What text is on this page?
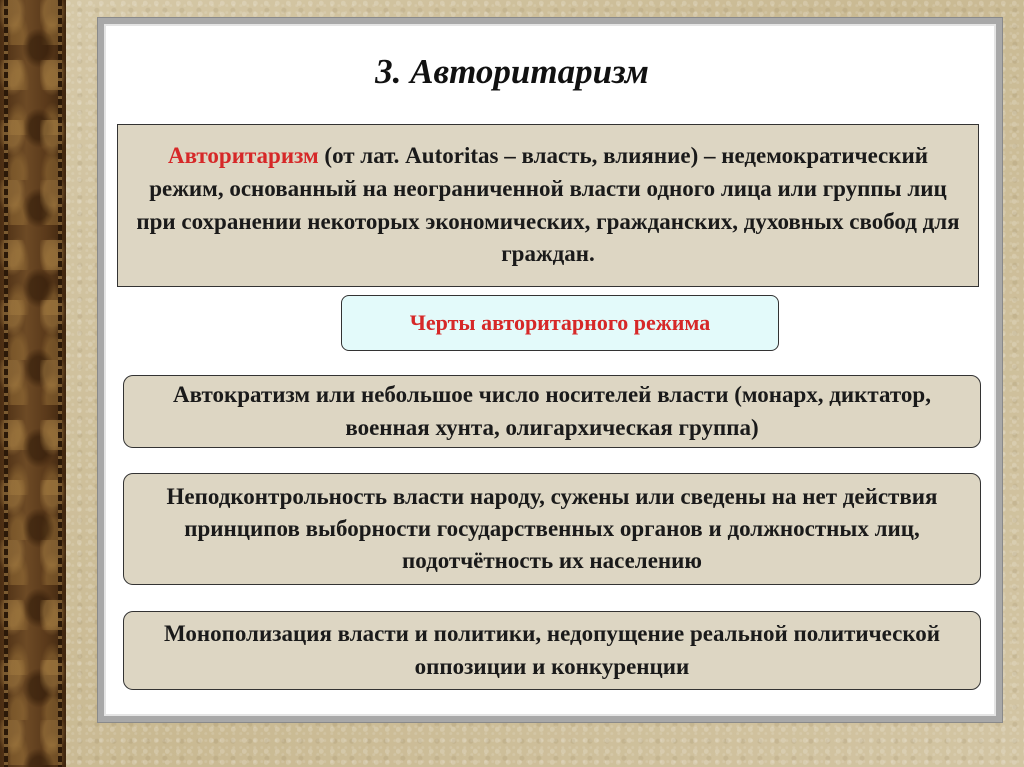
3. Авторитаризм
Авторитаризм (от лат. Autoritas – власть, влияние) – недемократический режим, основанный на неограниченной власти одного лица или группы лиц при сохранении некоторых экономических, гражданских, духовных свобод для граждан.
Черты авторитарного режима
Автократизм или небольшое число носителей власти (монарх, диктатор, военная хунта, олигархическая группа)
Неподконтрольность власти народу, сужены или сведены на нет действия принципов выборности государственных органов и должностных лиц, подотчётность их населению
Монополизация власти и политики, недопущение реальной политической оппозиции и конкуренции
